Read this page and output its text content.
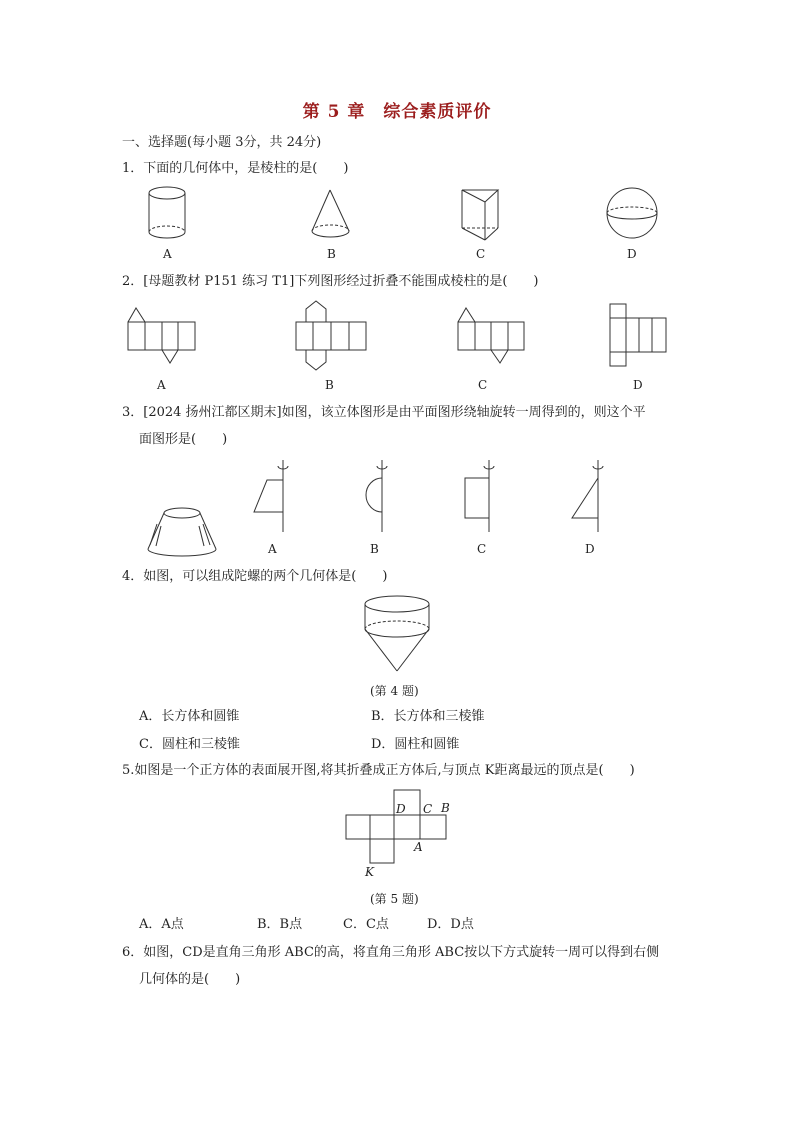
第 5 章　综合素质评价
一、选择题(每小题 3分，共 24分)
1．下面的几何体中，是棱柱的是(　　)
A	B	C	D
2．[母题教材 P151 练习 T1]下列图形经过折叠不能围成棱柱的是(　　)
A	B	C	D
3．[2024 扬州江都区期末]如图，该立体图形是由平面图形绕轴旋转一周得到的，则这个平
面图形是(　　)
A	B	C	D
4．如图，可以组成陀螺的两个几何体是(　　)
(第 4 题)
A．长方体和圆锥	B．长方体和三棱锥
C．圆柱和三棱锥	D．圆柱和圆锥
5.如图是一个正方体的表面展开图,将其折叠成正方体后,与顶点 K距离最远的顶点是(　　)
D C B
A
K
(第 5 题)
A．A点	B．B点	C．C点	D．D点
6．如图，CD是直角三角形 ABC的高，将直角三角形 ABC按以下方式旋转一周可以得到右侧
几何体的是(　　)
